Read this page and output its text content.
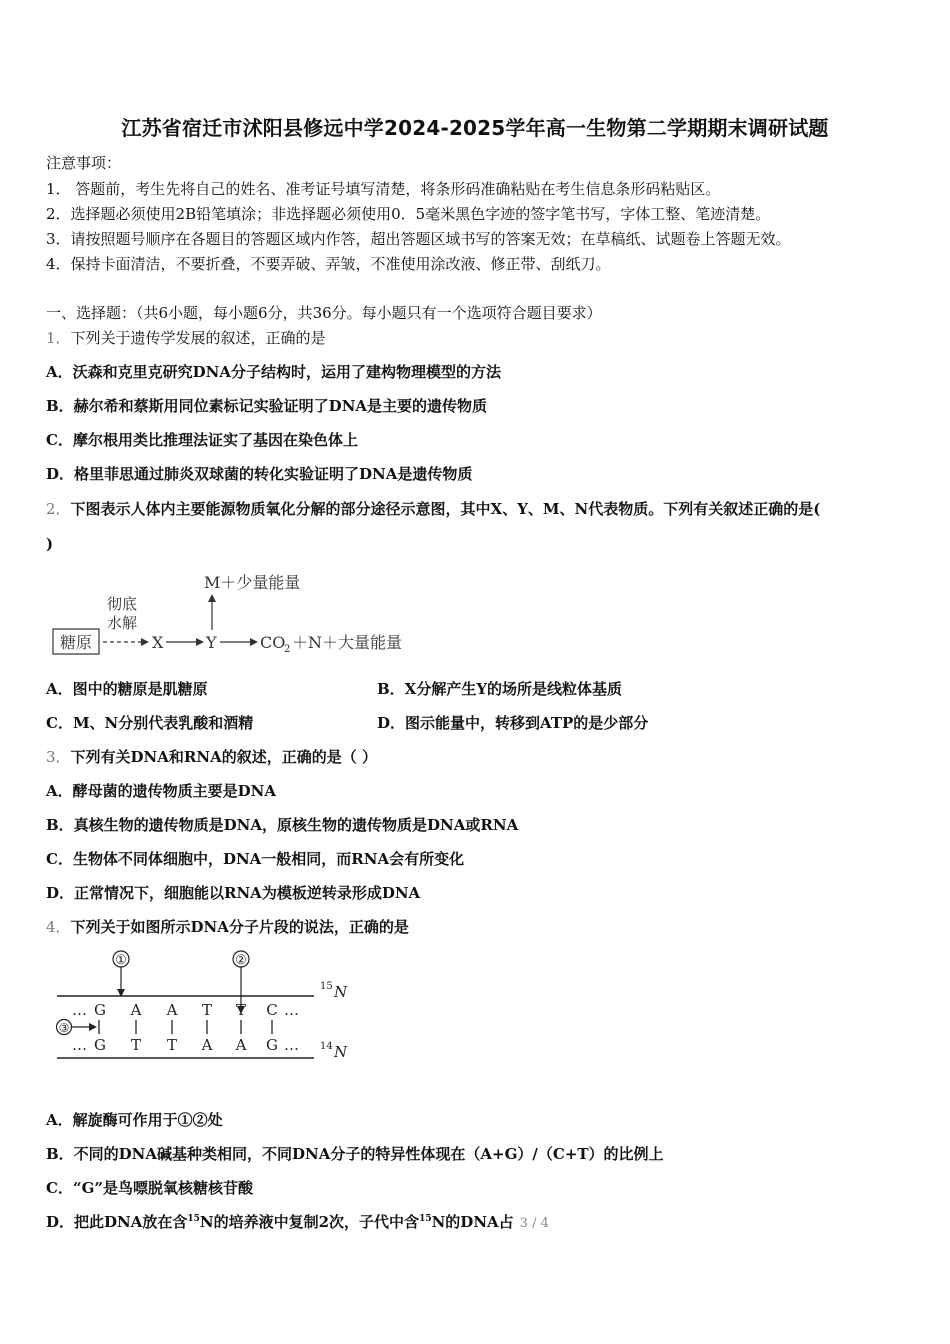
江苏省宿迁市沭阳县修远中学2024-2025学年高一生物第二学期期末调研试题
注意事项：
1． 答题前，考生先将自己的姓名、准考证号填写清楚，将条形码准确粘贴在考生信息条形码粘贴区。
2．选择题必须使用2B铅笔填涂；非选择题必须使用0．5毫米黑色字迹的签字笔书写，字体工整、笔迹清楚。
3．请按照题号顺序在各题目的答题区域内作答，超出答题区域书写的答案无效；在草稿纸、试题卷上答题无效。
4．保持卡面清洁，不要折叠，不要弄破、弄皱，不准使用涂改液、修正带、刮纸刀。
一、选择题：（共6小题，每小题6分，共36分。每小题只有一个选项符合题目要求）
1．下列关于遗传学发展的叙述，正确的是
A．沃森和克里克研究DNA分子结构时，运用了建构物理模型的方法
B．赫尔希和蔡斯用同位素标记实验证明了DNA是主要的遗传物质
C．摩尔根用类比推理法证实了基因在染色体上
D．格里菲思通过肺炎双球菌的转化实验证明了DNA是遗传物质
2．下图表示人体内主要能源物质氧化分解的部分途径示意图，其中X、Y、M、N代表物质。下列有关叙述正确的是(
)
糖原
彻底
水解
X	Y
M＋少量能量
CO
2 ＋N＋大量能量
A．图中的糖原是肌糖原	B．X分解产生Y的场所是线粒体基质
C．M、N分别代表乳酸和酒精	D．图示能量中，转移到ATP的是少部分
3．下列有关DNA和RNA的叙述，正确的是（ ）
A．酵母菌的遗传物质主要是DNA
B．真核生物的遗传物质是DNA，原核生物的遗传物质是DNA或RNA
C．生物体不同体细胞中，DNA一般相同，而RNA会有所变化
D．正常情况下，细胞能以RNA为模板逆转录形成DNA
4．下列关于如图所示DNA分子片段的说法，正确的是
①	②
… G A A T T C …
③
… G T T A A G …
15 N
14 N
A．解旋酶可作用于①②处
B．不同的DNA碱基种类相同，不同DNA分子的特异性体现在（A+G）/（C+T）的比例上
C．“G”是鸟嘌脱氧核糖核苷酸
D．把此DNA放在含$^{15}$N的培养液中复制2次，子代中含$^{15}$N的DNA占 3 / 4
